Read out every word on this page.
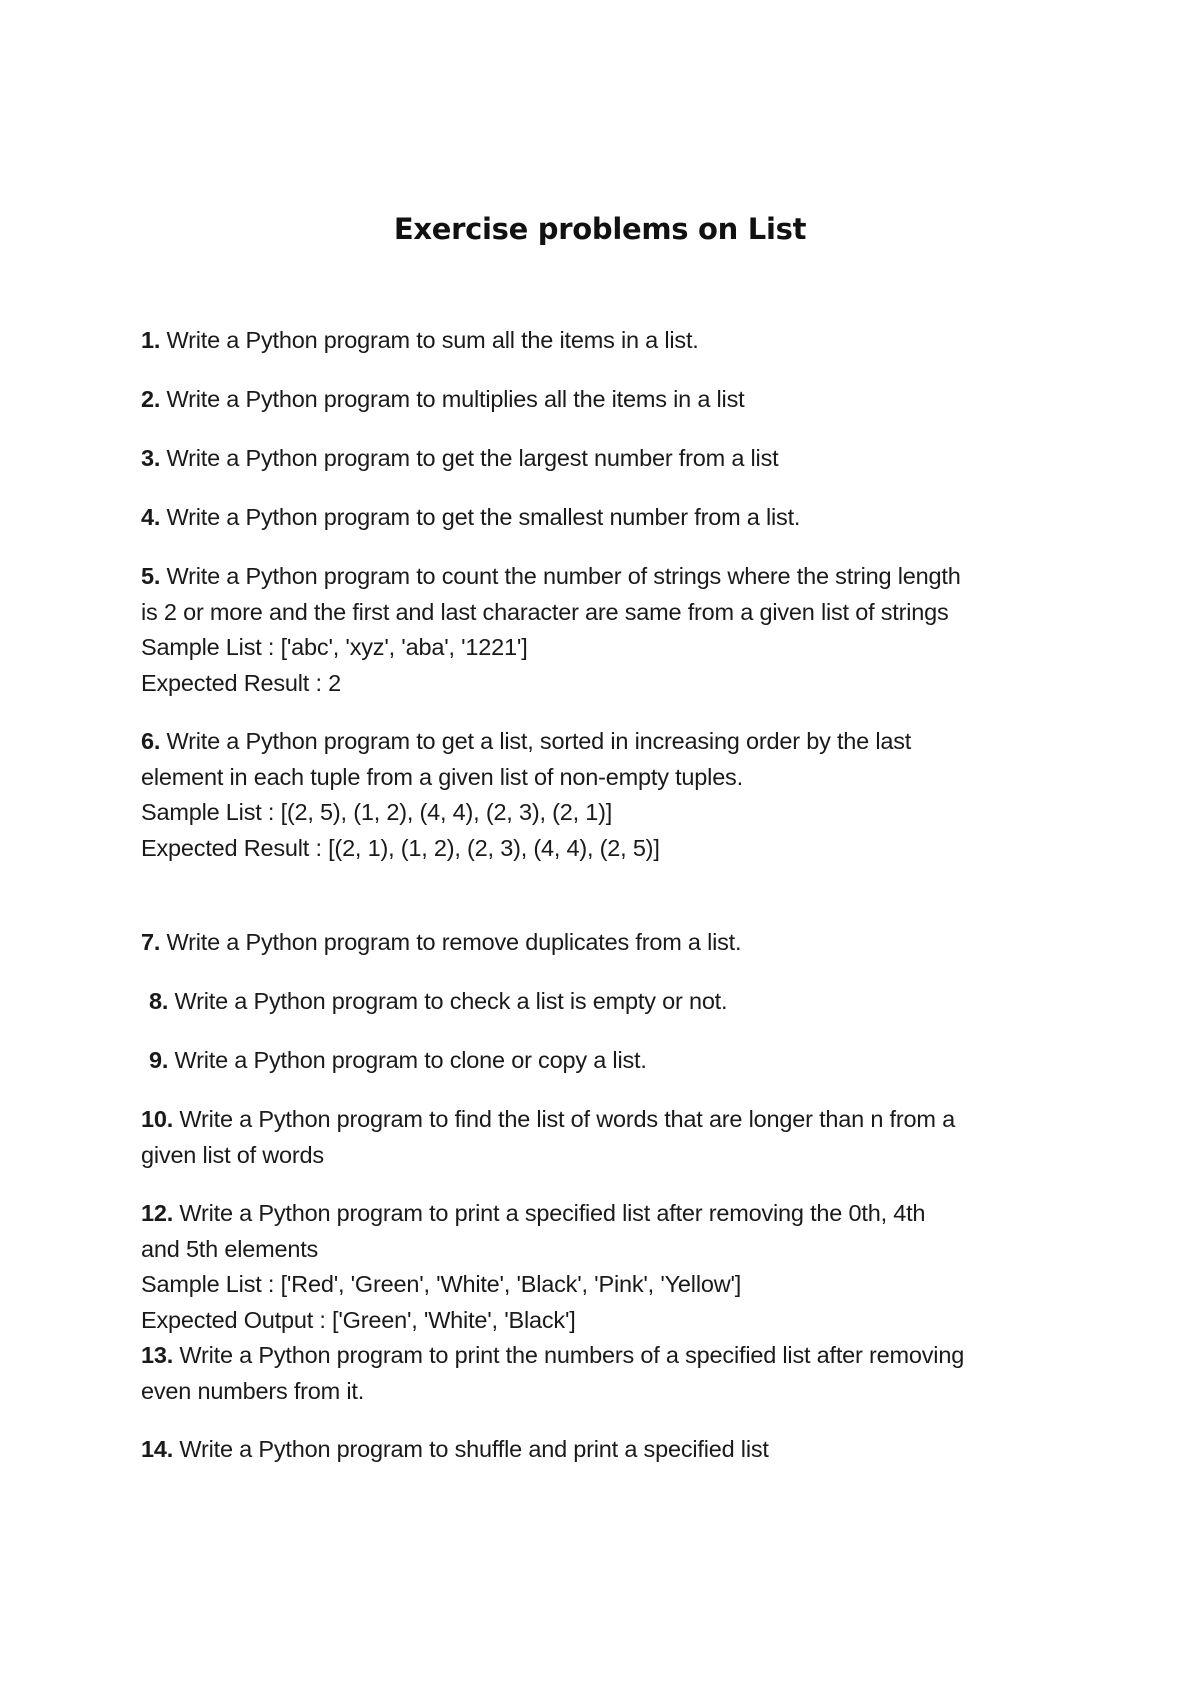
Exercise problems on List
1. Write a Python program to sum all the items in a list.
2. Write a Python program to multiplies all the items in a list
3. Write a Python program to get the largest number from a list
4. Write a Python program to get the smallest number from a list.
5. Write a Python program to count the number of strings where the string length
is 2 or more and the first and last character are same from a given list of strings
Sample List : ['abc', 'xyz', 'aba', '1221']
Expected Result : 2
6. Write a Python program to get a list, sorted in increasing order by the last
element in each tuple from a given list of non-empty tuples.
Sample List : [(2, 5), (1, 2), (4, 4), (2, 3), (2, 1)]
Expected Result : [(2, 1), (1, 2), (2, 3), (4, 4), (2, 5)]
7. Write a Python program to remove duplicates from a list.
8. Write a Python program to check a list is empty or not.
9. Write a Python program to clone or copy a list.
10. Write a Python program to find the list of words that are longer than n from a
given list of words
12. Write a Python program to print a specified list after removing the 0th, 4th
and 5th elements
Sample List : ['Red', 'Green', 'White', 'Black', 'Pink', 'Yellow']
Expected Output : ['Green', 'White', 'Black']
13. Write a Python program to print the numbers of a specified list after removing
even numbers from it.
14. Write a Python program to shuffle and print a specified list
